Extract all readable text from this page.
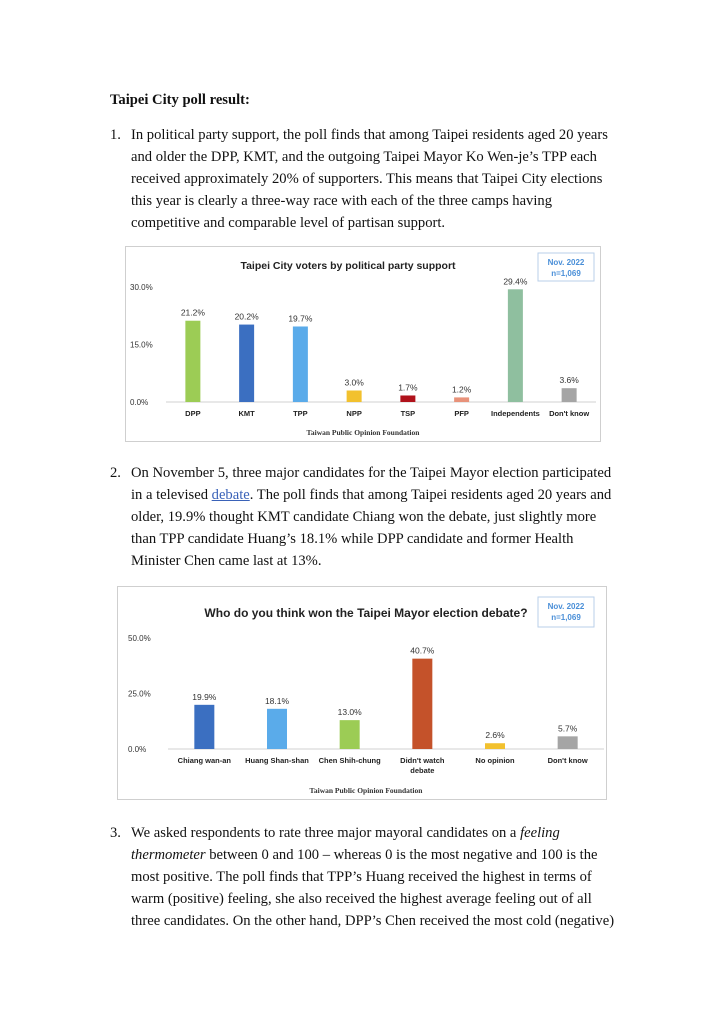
Taipei City poll result:
1. In political party support, the poll finds that among Taipei residents aged 20 years and older the DPP, KMT, and the outgoing Taipei Mayor Ko Wen-je’s TPP each received approximately 20% of supporters. This means that Taipei City elections this year is clearly a three-way race with each of the three camps having competitive and comparable level of partisan support.
Taipei City voters by political party support	Nov. 2022
n=1,069
0.0%
15.0%
30.0%
21.2%
DPP
20.2%
KMT
19.7%
TPP
3.0%
NPP
1.7%
TSP
1.2%
PFP
29.4%
Independents
3.6%
Don't know
Taiwan Public Opinion Foundation
2. On November 5, three major candidates for the Taipei Mayor election participated in a televised debate. The poll finds that among Taipei residents aged 20 years and older, 19.9% thought KMT candidate Chiang won the debate, just slightly more than TPP candidate Huang’s 18.1% while DPP candidate and former Health Minister Chen came last at 13%.
Who do you think won the Taipei Mayor election debate?	Nov. 2022
n=1,069
0.0%
25.0%
50.0%
19.9%
Chiang wan-an
18.1%
Huang Shan-shan
13.0%
Chen Shih-chung
40.7%
Didn't watch
debate
2.6%
No opinion
5.7%
Don't know
Taiwan Public Opinion Foundation
3. We asked respondents to rate three major mayoral candidates on a feeling thermometer between 0 and 100 – whereas 0 is the most negative and 100 is the most positive. The poll finds that TPP’s Huang received the highest in terms of warm (positive) feeling, she also received the highest average feeling out of all three candidates. On the other hand, DPP’s Chen received the most cold (negative)
